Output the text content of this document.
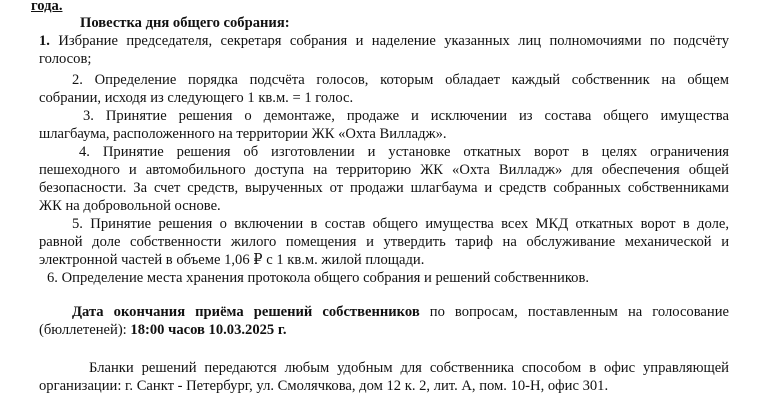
года.
Повестка дня общего собрания:
1. Избрание председателя, секретаря собрания и наделение указанных лиц полномочиями по подсчёту
голосов;
2. Определение порядка подсчёта голосов, которым обладает каждый собственник на общем
собрании, исходя из следующего 1 кв.м. = 1 голос.
3. Принятие решения о демонтаже, продаже и исключении из состава общего имущества
шлагбаума, расположенного на территории ЖК «Охта Вилладж».
4. Принятие решения об изготовлении и установке откатных ворот в целях ограничения
пешеходного и автомобильного доступа на территорию ЖК «Охта Вилладж» для обеспечения общей
безопасности. За счет средств, вырученных от продажи шлагбаума и средств собранных собственниками
ЖК на добровольной основе.
5. Принятие решения о включении в состав общего имущества всех МКД откатных ворот в доле,
равной доле собственности жилого помещения и утвердить тариф на обслуживание механической и
электронной частей в объеме 1,06 ₽ с 1 кв.м. жилой площади.
6. Определение места хранения протокола общего собрания и решений собственников.
Дата окончания приёма решений собственников по вопросам, поставленным на голосование
(бюллетеней): 18:00 часов 10.03.2025 г.
Бланки решений передаются любым удобным для собственника способом в офис управляющей
организации: г. Санкт - Петербург, ул. Смолячкова, дом 12 к. 2, лит. А, пом. 10-Н, офис 301.
